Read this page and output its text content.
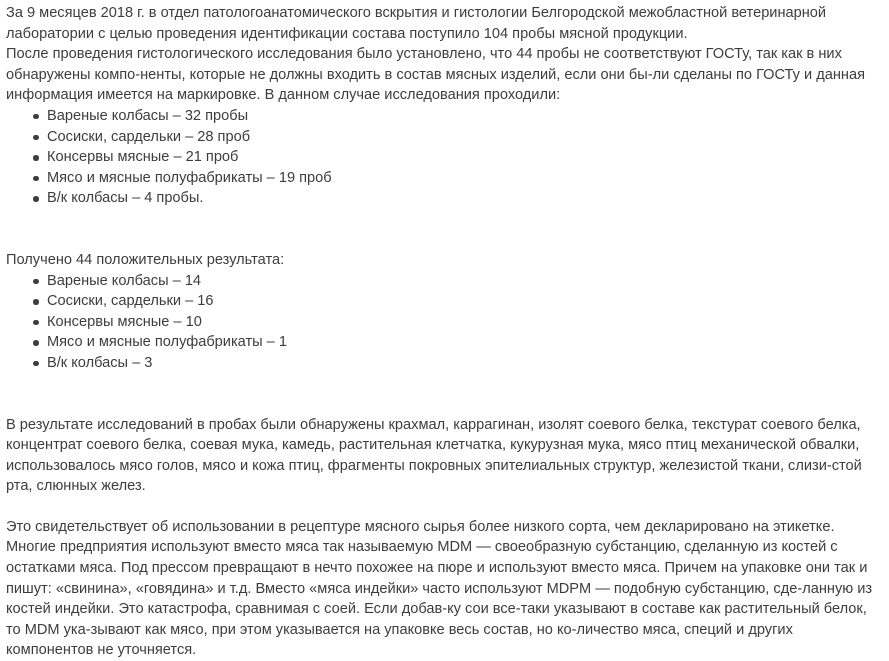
За 9 месяцев 2018 г. в отдел патологоанатомического вскрытия и гистологии Белгородской межобластной ветеринарной лаборатории с целью проведения идентификации состава поступило 104 пробы мясной продукции.

После проведения гистологического исследования было установлено, что 44 пробы не соответствуют ГОСТу, так как в них обнаружены компо-ненты, которые не должны входить в состав мясных изделий, если они бы-ли сделаны по ГОСТу и данная информация имеется на маркировке. В данном случае исследования проходили:

Вареные колбасы – 32 пробы
Сосиски, сардельки – 28 проб
Консервы мясные – 21 проб
Мясо и мясные полуфабрикаты – 19 проб
В/к колбасы – 4 пробы.

Получено 44 положительных результата:

Вареные колбасы – 14
Сосиски, сардельки – 16
Консервы мясные – 10
Мясо и мясные полуфабрикаты – 1
В/к колбасы – 3

В результате исследований в пробах были обнаружены крахмал, каррагинан, изолят соевого белка, текстурат соевого белка, концентрат соевого белка, соевая мука, камедь, растительная клетчатка, кукурузная мука, мясо птиц механической обвалки, использовалось мясо голов, мясо и кожа птиц, фрагменты покровных эпителиальных структур, железистой ткани, слизи-стой рта, слюнных желез.

Это свидетельствует об использовании в рецептуре мясного сырья более низкого сорта, чем декларировано на этикетке. Многие предприятия используют вместо мяса так называемую MDM — своеобразную субстанцию, сделанную из костей с остатками мяса. Под прессом превращают в нечто похожее на пюре и используют вместо мяса. Причем на упаковке они так и пишут: «свинина», «говядина» и т.д. Вместо «мяса индейки» часто используют MDPM — подобную субстанцию, сде-ланную из костей индейки. Это катастрофа, сравнимая с соей. Если добав-ку сои все-таки указывают в составе как растительный белок, то MDM ука-зывают как мясо, при этом указывается на упаковке весь состав, но ко-личество мяса, специй и других компонентов не уточняется.
